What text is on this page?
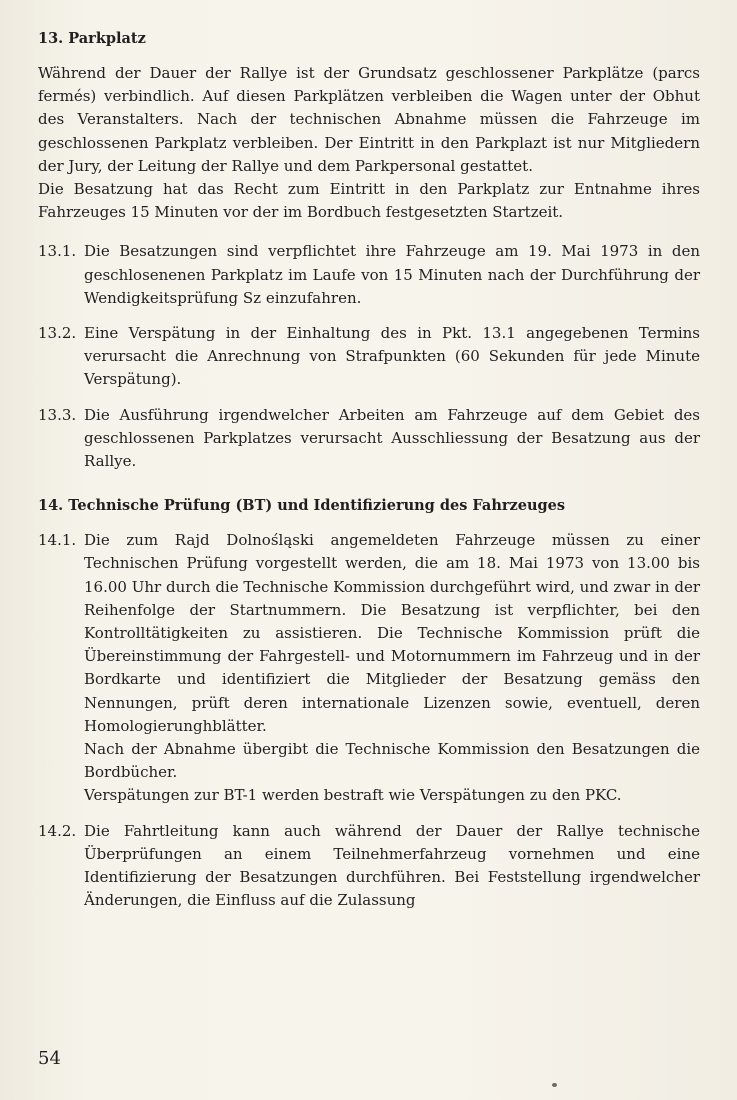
13. Parkplatz

Während der Dauer der Rallye ist der Grundsatz geschlossener Parkplätze (parcs fermés) verbindlich. Auf diesen Parkplätzen verbleiben die Wagen unter der Obhut des Veranstalters. Nach der technischen Abnahme müssen die Fahrzeuge im geschlossenen Parkplatz verbleiben. Der Eintritt in den Parkplazt ist nur Mitgliedern der Jury, der Leitung der Rallye und dem Parkpersonal gestattet.

Die Besatzung hat das Recht zum Eintritt in den Parkplatz zur Entnahme ihres Fahrzeuges 15 Minuten vor der im Bordbuch festgesetzten Startzeit.

13.1. Die Besatzungen sind verpflichtet ihre Fahrzeuge am 19. Mai 1973 in den geschlosenenen Parkplatz im Laufe von 15 Minuten nach der Durchführung der Wendigkeitsprüfung Sz einzufahren.

13.2. Eine Verspätung in der Einhaltung des in Pkt. 13.1 angegebenen Termins verursacht die Anrechnung von Strafpunkten (60 Sekunden für jede Minute Verspätung).

13.3. Die Ausführung irgendwelcher Arbeiten am Fahrzeuge auf dem Gebiet des geschlossenen Parkplatzes verursacht Ausschliessung der Besatzung aus der Rallye.

14. Technische Prüfung (BT) und Identifizierung des Fahrzeuges
14.1. Die zum Rajd Dolnośląski angemeldeten Fahrzeuge müssen zu einer Technischen Prüfung vorgestellt werden, die am 18. Mai 1973 von 13.00 bis 16.00 Uhr durch die Technische Kommission durchgeführt wird, und zwar in der Reihenfolge der Startnummern. Die Besatzung ist verpflichter, bei den Kontrolltätigkeiten zu assistieren. Die Technische Kommission prüft die Übereinstimmung der Fahrgestell- und Motornummern im Fahrzeug und in der Bordkarte und identifiziert die Mitglieder der Besatzung gemäss den Nennungen, prüft deren internationale Lizenzen sowie, eventuell, deren Homologierunghblätter.

Nach der Abnahme übergibt die Technische Kommission den Besatzungen die Bordbücher.

Verspätungen zur BT-1 werden bestraft wie Verspätungen zu den PKC.

14.2. Die Fahrtleitung kann auch während der Dauer der Rallye technische Überprüfungen an einem Teilnehmerfahrzeug vornehmen und eine Identifizierung der Besatzungen durchführen. Bei Feststellung irgendwelcher Änderungen, die Einfluss auf die Zulassung

54
